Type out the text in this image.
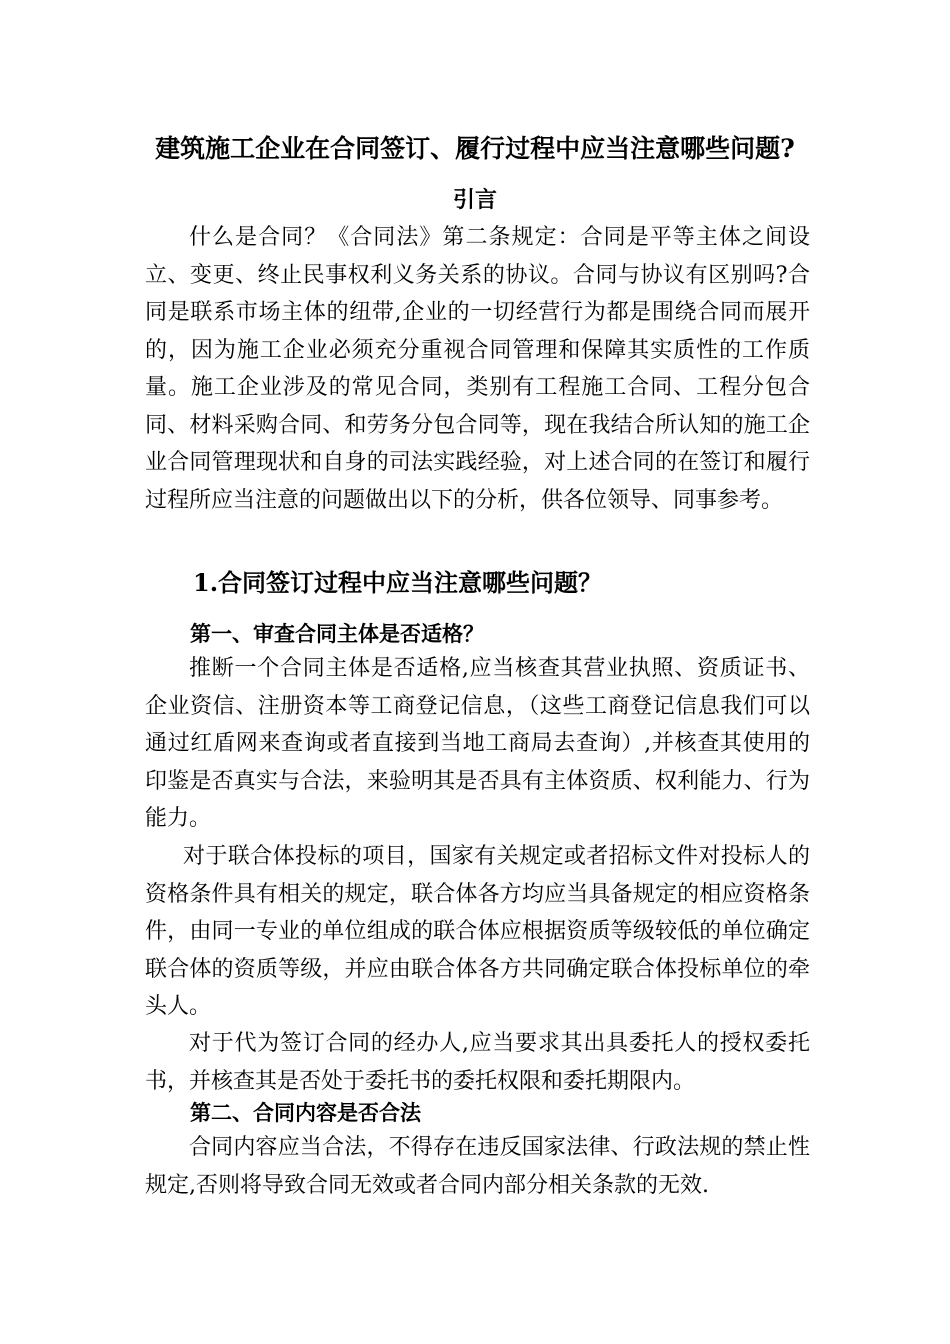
建筑施工企业在合同签订、履行过程中应当注意哪些问题?
引言

什么是合同？《合同法》第二条规定：合同是平等主体之间设立、变更、终止民事权利义务关系的协议。合同与协议有区别吗?合同是联系市场主体的纽带,企业的一切经营行为都是围绕合同而展开的，因为施工企业必须充分重视合同管理和保障其实质性的工作质量。施工企业涉及的常见合同，类别有工程施工合同、工程分包合同、材料采购合同、和劳务分包合同等，现在我结合所认知的施工企业合同管理现状和自身的司法实践经验，对上述合同的在签订和履行过程所应当注意的问题做出以下的分析，供各位领导、同事参考。

1.合同签订过程中应当注意哪些问题？
第一、审查合同主体是否适格？

推断一个合同主体是否适格,应当核查其营业执照、资质证书、企业资信、注册资本等工商登记信息，（这些工商登记信息我们可以通过红盾网来查询或者直接到当地工商局去查询）,并核查其使用的印鉴是否真实与合法，来验明其是否具有主体资质、权利能力、行为能力。

对于联合体投标的项目，国家有关规定或者招标文件对投标人的资格条件具有相关的规定，联合体各方均应当具备规定的相应资格条件，由同一专业的单位组成的联合体应根据资质等级较低的单位确定联合体的资质等级，并应由联合体各方共同确定联合体投标单位的牵头人。

对于代为签订合同的经办人,应当要求其出具委托人的授权委托书，并核查其是否处于委托书的委托权限和委托期限内。

第二、合同内容是否合法

合同内容应当合法，不得存在违反国家法律、行政法规的禁止性规定,否则将导致合同无效或者合同内部分相关条款的无效.
